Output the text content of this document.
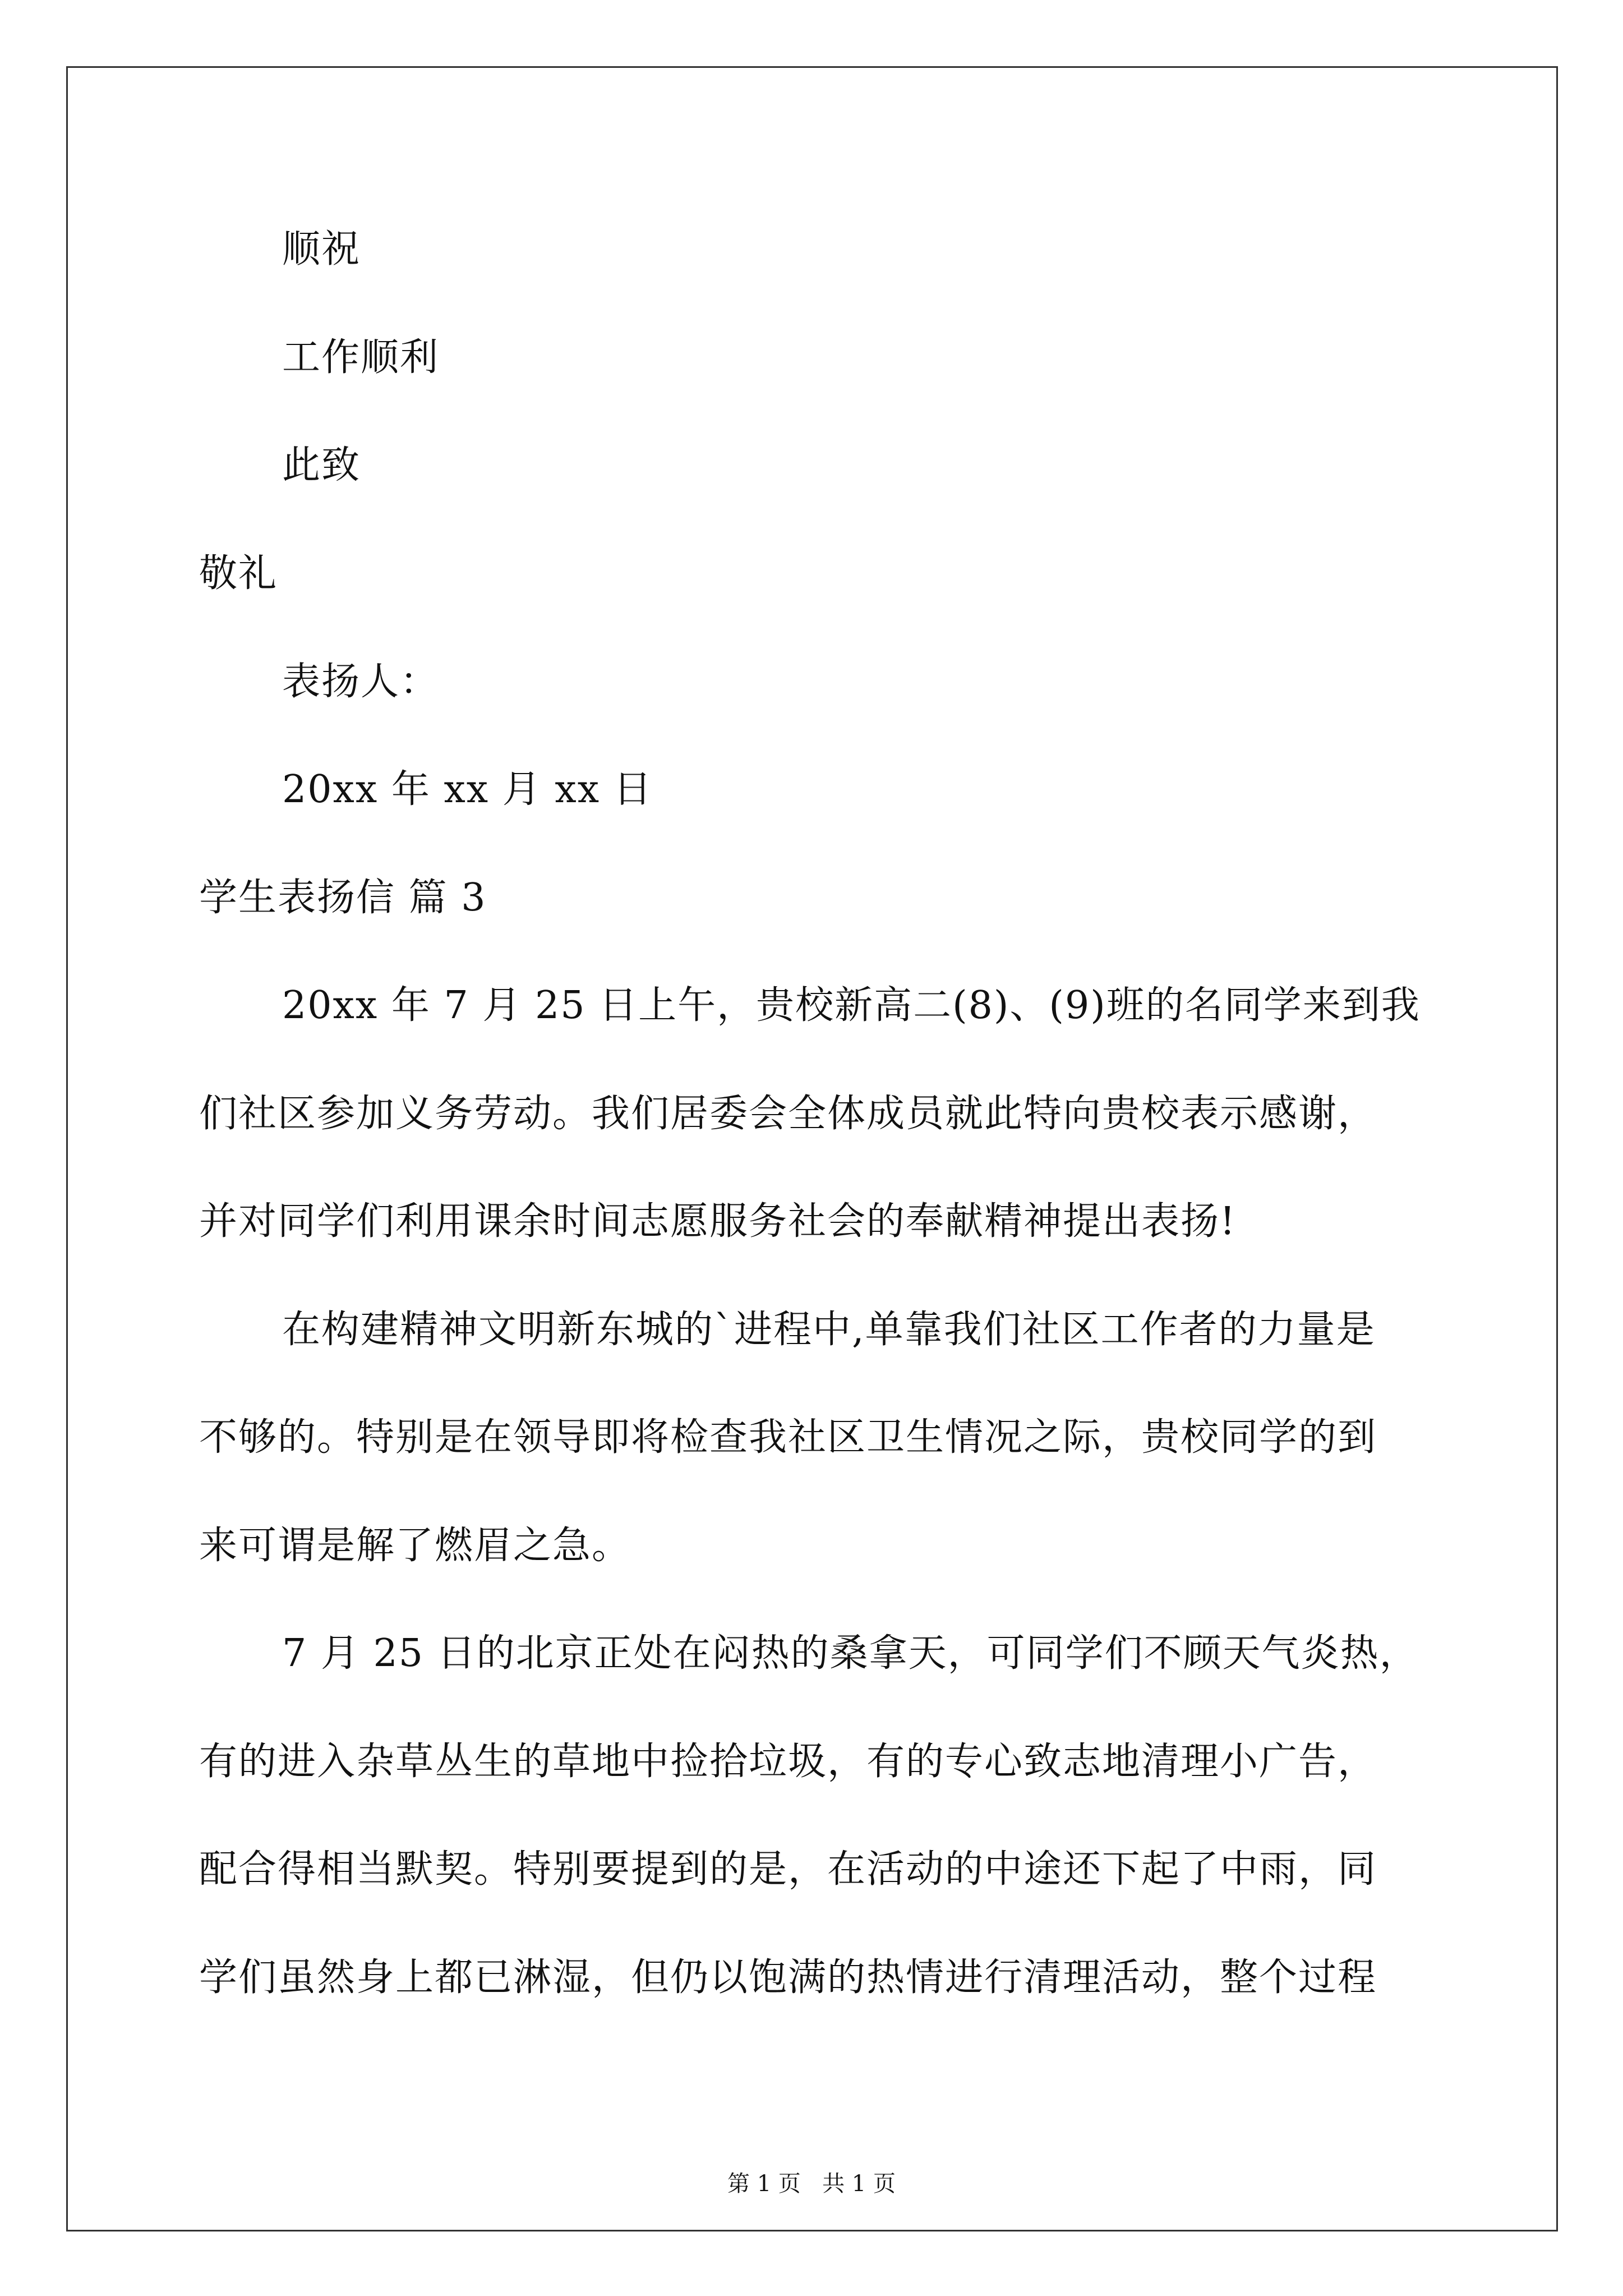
顺祝
工作顺利
此致
敬礼
表扬人：
20xx 年 xx 月 xx 日
学生表扬信 篇 3
20xx 年 7 月 25 日上午，贵校新高二(8)、(9)班的名同学来到我
们社区参加义务劳动。我们居委会全体成员就此特向贵校表示感谢，
并对同学们利用课余时间志愿服务社会的奉献精神提出表扬!
在构建精神文明新东城的`进程中,单靠我们社区工作者的力量是
不够的。特别是在领导即将检查我社区卫生情况之际，贵校同学的到
来可谓是解了燃眉之急。
7 月 25 日的北京正处在闷热的桑拿天，可同学们不顾天气炎热，
有的进入杂草丛生的草地中捡拾垃圾，有的专心致志地清理小广告，
配合得相当默契。特别要提到的是，在活动的中途还下起了中雨，同
学们虽然身上都已淋湿，但仍以饱满的热情进行清理活动，整个过程
第 1 页   共 1 页
